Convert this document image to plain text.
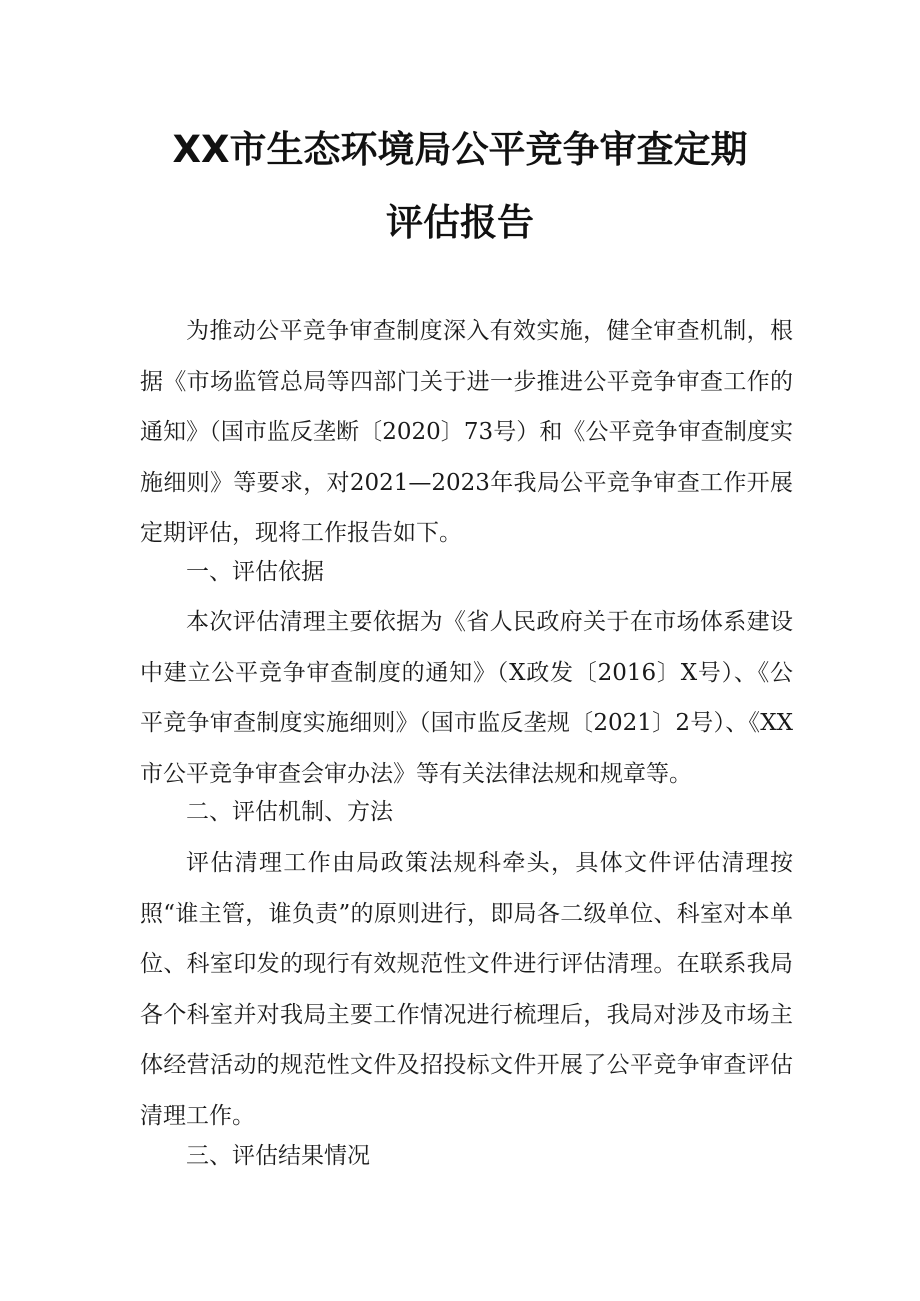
XX市生态环境局公平竞争审查定期
评估报告

为推动公平竞争审查制度深入有效实施，健全审查机制，根据《市场监管总局等四部门关于进一步推进公平竞争审查工作的通知》（国市监反垄断〔2020〕73号）和《公平竞争审查制度实施细则》等要求，对2021—2023年我局公平竞争审查工作开展定期评估，现将工作报告如下。

一、评估依据

本次评估清理主要依据为《省人民政府关于在市场体系建设中建立公平竞争审查制度的通知》（X政发〔2016〕X号）、《公平竞争审查制度实施细则》（国市监反垄规〔2021〕2号）、《XX市公平竞争审查会审办法》等有关法律法规和规章等。

二、评估机制、方法

评估清理工作由局政策法规科牵头，具体文件评估清理按照“谁主管，谁负责”的原则进行，即局各二级单位、科室对本单位、科室印发的现行有效规范性文件进行评估清理。在联系我局各个科室并对我局主要工作情况进行梳理后，我局对涉及市场主体经营活动的规范性文件及招投标文件开展了公平竞争审查评估清理工作。

三、评估结果情况
